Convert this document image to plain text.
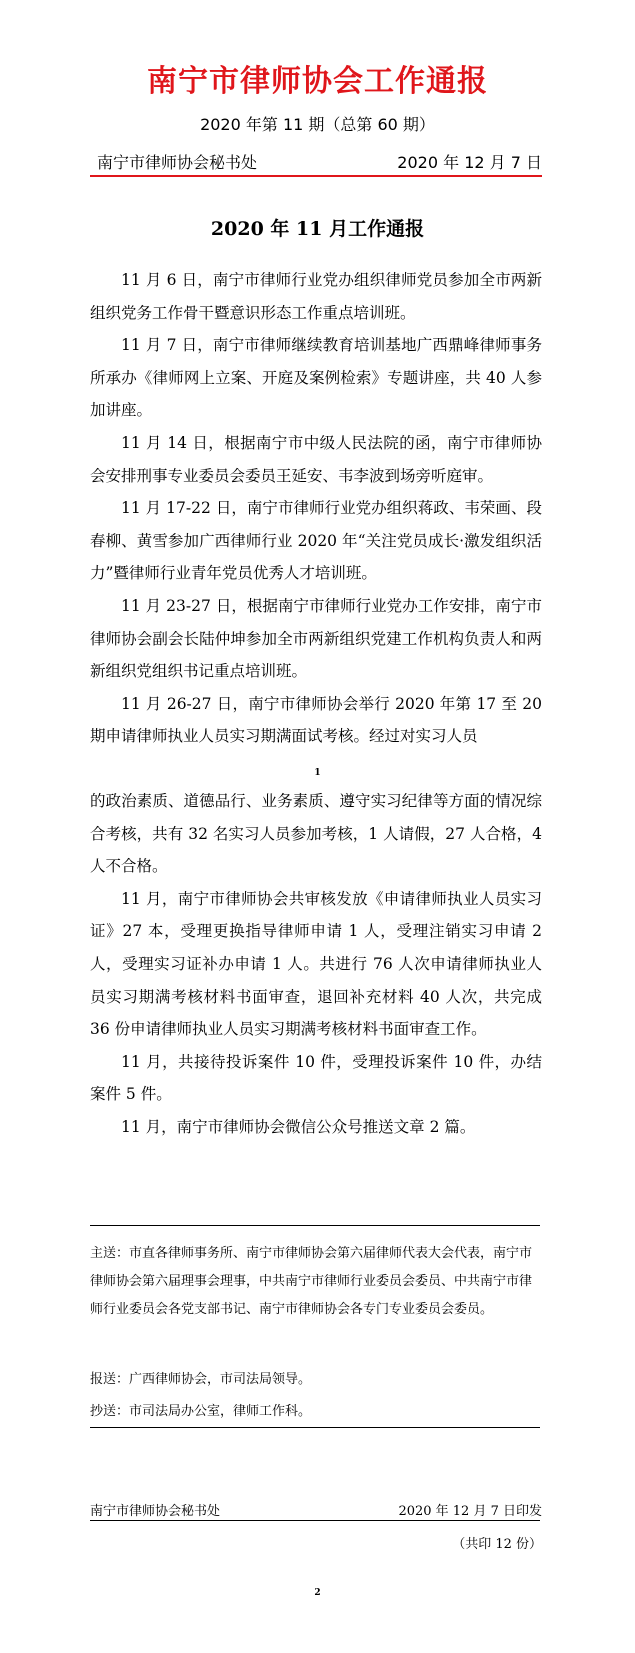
南宁市律师协会工作通报
2020 年第 11 期（总第 60 期）
南宁市律师协会秘书处	2020 年 12 月 7 日
2020 年 11 月工作通报

11 月 6 日，南宁市律师行业党办组织律师党员参加全市两新组织党务工作骨干暨意识形态工作重点培训班。

11 月 7 日，南宁市律师继续教育培训基地广西鼎峰律师事务所承办《律师网上立案、开庭及案例检索》专题讲座，共 40 人参加讲座。

11 月 14 日，根据南宁市中级人民法院的函，南宁市律师协会安排刑事专业委员会委员王延安、韦李波到场旁听庭审。

11 月 17-22 日，南宁市律师行业党办组织蒋政、韦荣画、段春柳、黄雪参加广西律师行业 2020 年“关注党员成长·激发组织活力”暨律师行业青年党员优秀人才培训班。

11 月 23-27 日，根据南宁市律师行业党办工作安排，南宁市律师协会副会长陆仲坤参加全市两新组织党建工作机构负责人和两新组织党组织书记重点培训班。

11 月 26-27 日，南宁市律师协会举行 2020 年第 17 至 20 期申请律师执业人员实习期满面试考核。经过对实习人员

1

的政治素质、道德品行、业务素质、遵守实习纪律等方面的情况综合考核，共有 32 名实习人员参加考核，1 人请假，27 人合格，4 人不合格。

11 月，南宁市律师协会共审核发放《申请律师执业人员实习证》27 本，受理更换指导律师申请 1 人，受理注销实习申请 2 人，受理实习证补办申请 1 人。共进行 76 人次申请律师执业人员实习期满考核材料书面审查，退回补充材料 40 人次，共完成 36 份申请律师执业人员实习期满考核材料书面审查工作。

11 月，共接待投诉案件 10 件，受理投诉案件 10 件，办结案件 5 件。

11 月，南宁市律师协会微信公众号推送文章 2 篇。

主送：市直各律师事务所、南宁市律师协会第六届律师代表大会代表，南宁市律师协会第六届理事会理事，中共南宁市律师行业委员会委员、中共南宁市律师行业委员会各党支部书记、南宁市律师协会各专门专业委员会委员。
报送：广西律师协会，市司法局领导。
抄送：市司法局办公室，律师工作科。
南宁市律师协会秘书处	2020 年 12 月 7 日印发
（共印 12 份）
2
